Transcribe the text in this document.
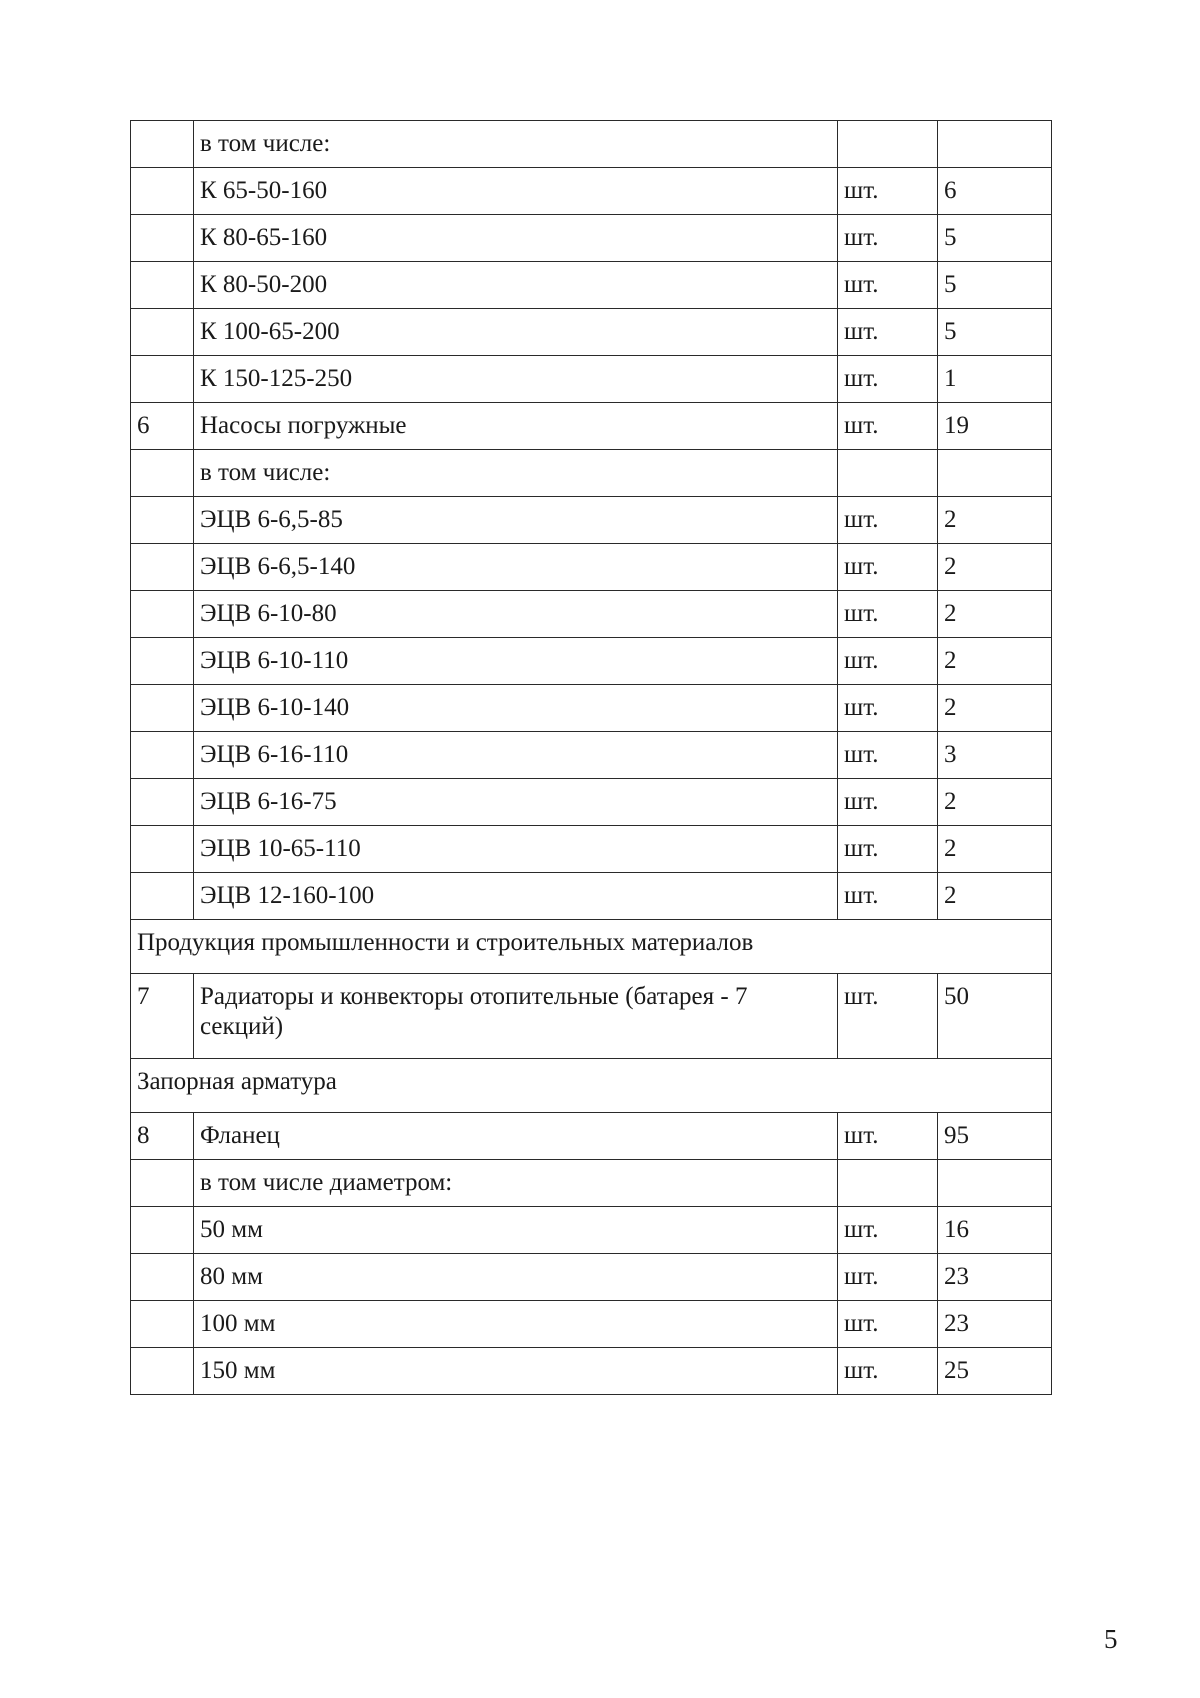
	в том числе:		
	К 65-50-160	шт.	6
	К 80-65-160	шт.	5
	К 80-50-200	шт.	5
	К 100-65-200	шт.	5
	К 150-125-250	шт.	1
6	Насосы погружные	шт.	19
	в том числе:		
	ЭЦВ 6-6,5-85	шт.	2
	ЭЦВ 6-6,5-140	шт.	2
	ЭЦВ 6-10-80	шт.	2
	ЭЦВ 6-10-110	шт.	2
	ЭЦВ 6-10-140	шт.	2
	ЭЦВ 6-16-110	шт.	3
	ЭЦВ 6-16-75	шт.	2
	ЭЦВ 10-65-110	шт.	2
	ЭЦВ 12-160-100	шт.	2
Продукция промышленности и строительных материалов			
7	Радиаторы и конвекторы отопительные (батарея - 7 секций)	шт.	50
Запорная арматура			
8	Фланец	шт.	95
	в том числе диаметром:		
	50 мм	шт.	16
	80 мм	шт.	23
	100 мм	шт.	23
	150 мм	шт.	25
5
